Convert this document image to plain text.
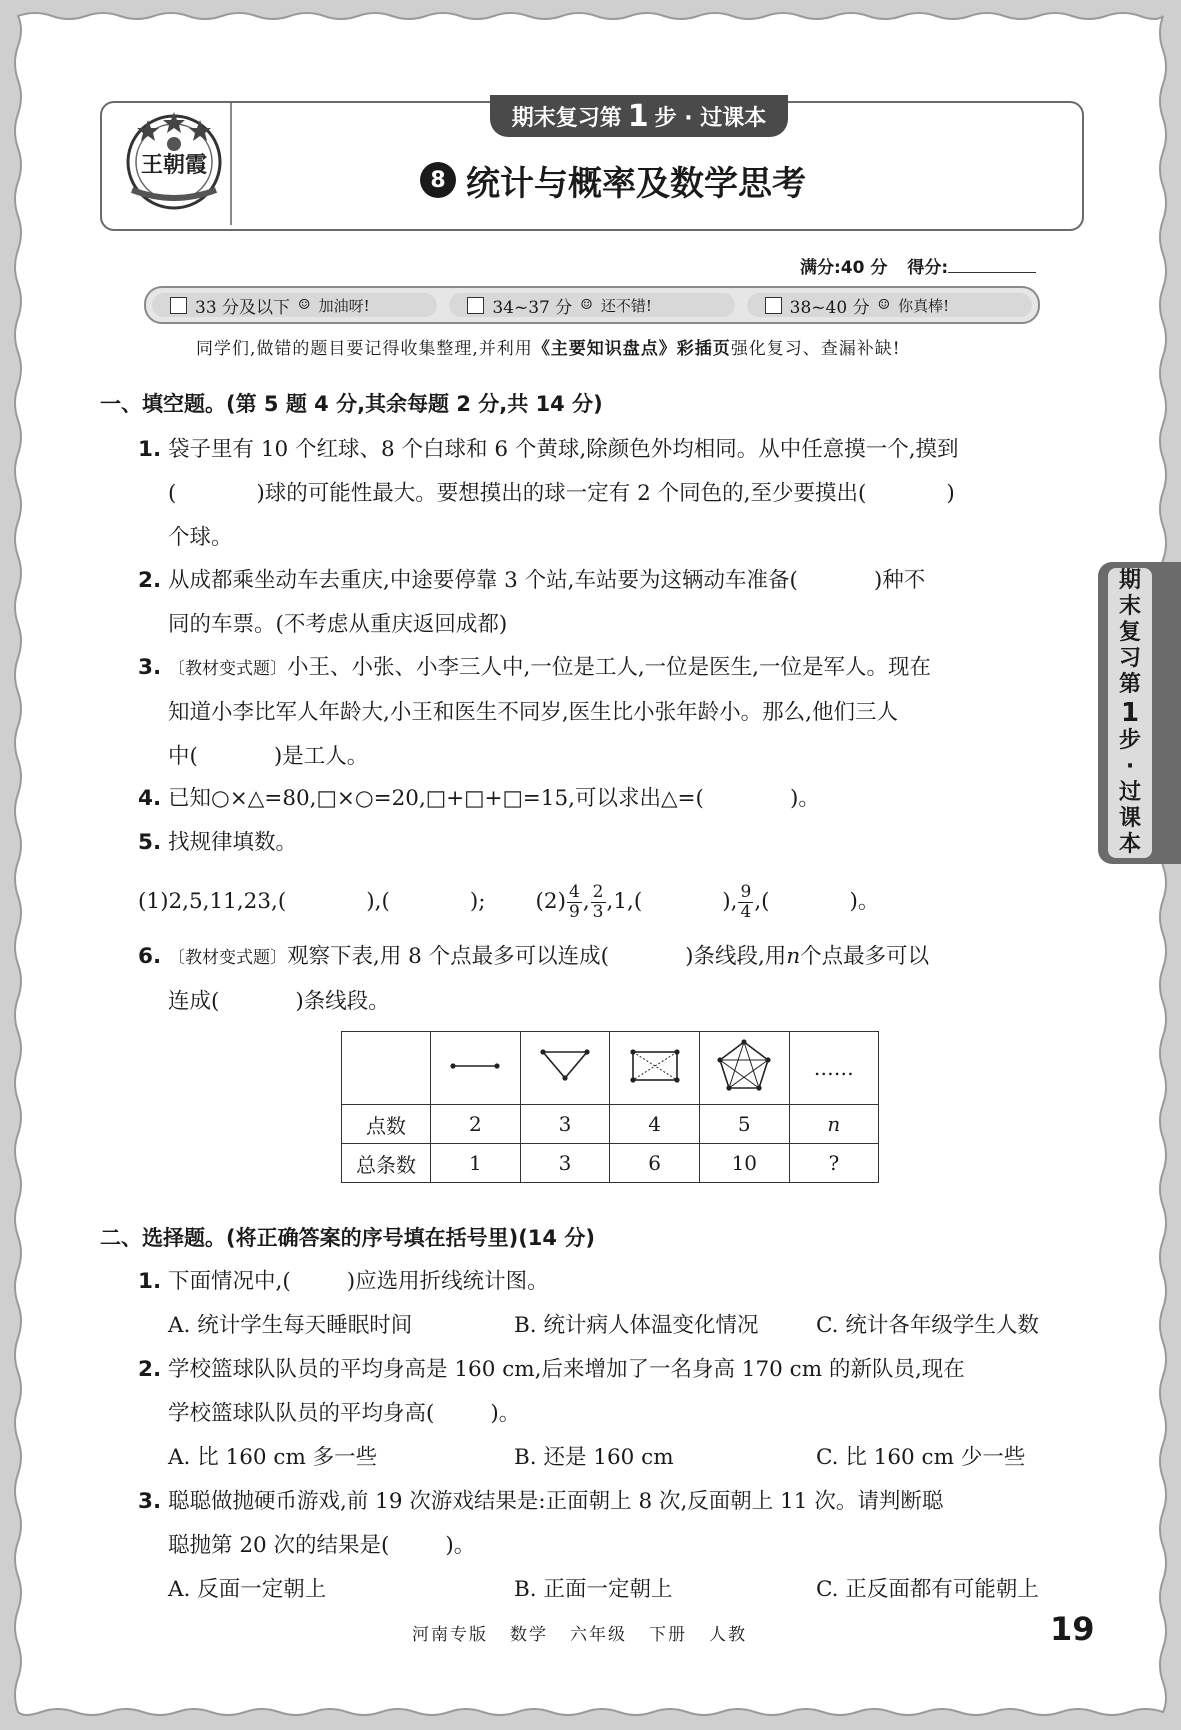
王朝霞
期末复习第 1 步 · 过课本
8 统计与概率及数学思考
满分:40 分 得分:
33 分及以下 ☺ 加油呀!	34~37 分 ☺ 还不错!	38~40 分 ☺ 你真棒!
同学们,做错的题目要记得收集整理,并利用《主要知识盘点》彩插页强化复习、查漏补缺!
期
末
复
习
第
1
步
·
过
课
本
一、填空题。(第 5 题 4 分,其余每题 2 分,共 14 分)
1. 袋子里有 10 个红球、8 个白球和 6 个黄球,除颜色外均相同。从中任意摸一个,摸到
(	)球的可能性最大。要想摸出的球一定有 2 个同色的,至少要摸出(	)
个球。
2. 从成都乘坐动车去重庆,中途要停靠 3 个站,车站要为这辆动车准备(	)种不
同的车票。(不考虑从重庆返回成都)
3. 〔教材变式题〕小王、小张、小李三人中,一位是工人,一位是医生,一位是军人。现在
知道小李比军人年龄大,小王和医生不同岁,医生比小张年龄小。那么,他们三人
中(	)是工人。
4. 已知○×△=80,□×○=20,□+□+□=15,可以求出△=(	)。
5. 找规律填数。
(1)2,5,11,23,(	),(	); $(2) \frac{4}{9}$ , $\frac{2}{3} ,1$,(	), $\frac{9}{4}$ ,(	)。
6. 〔教材变式题〕观察下表,用 8 个点最多可以连成(	)条线段,用n个点最多可以
连成(	)条线段。
					……
点数	2	3	4	5	n
总条数	1	3	6	10	?
二、选择题。(将正确答案的序号填在括号里)(14 分)
1. 下面情况中,(	)应选用折线统计图。
A. 统计学生每天睡眠时间	B. 统计病人体温变化情况	C. 统计各年级学生人数
2. 学校篮球队队员的平均身高是 160 cm,后来增加了一名身高 170 cm 的新队员,现在
学校篮球队队员的平均身高(	)。
A. 比 160 cm 多一些	B. 还是 160 cm	C. 比 160 cm 少一些
3. 聪聪做抛硬币游戏,前 19 次游戏结果是:正面朝上 8 次,反面朝上 11 次。请判断聪
聪抛第 20 次的结果是(	)。
A. 反面一定朝上	B. 正面一定朝上	C. 正反面都有可能朝上
河南专版 数学 六年级 下册 人教	19
